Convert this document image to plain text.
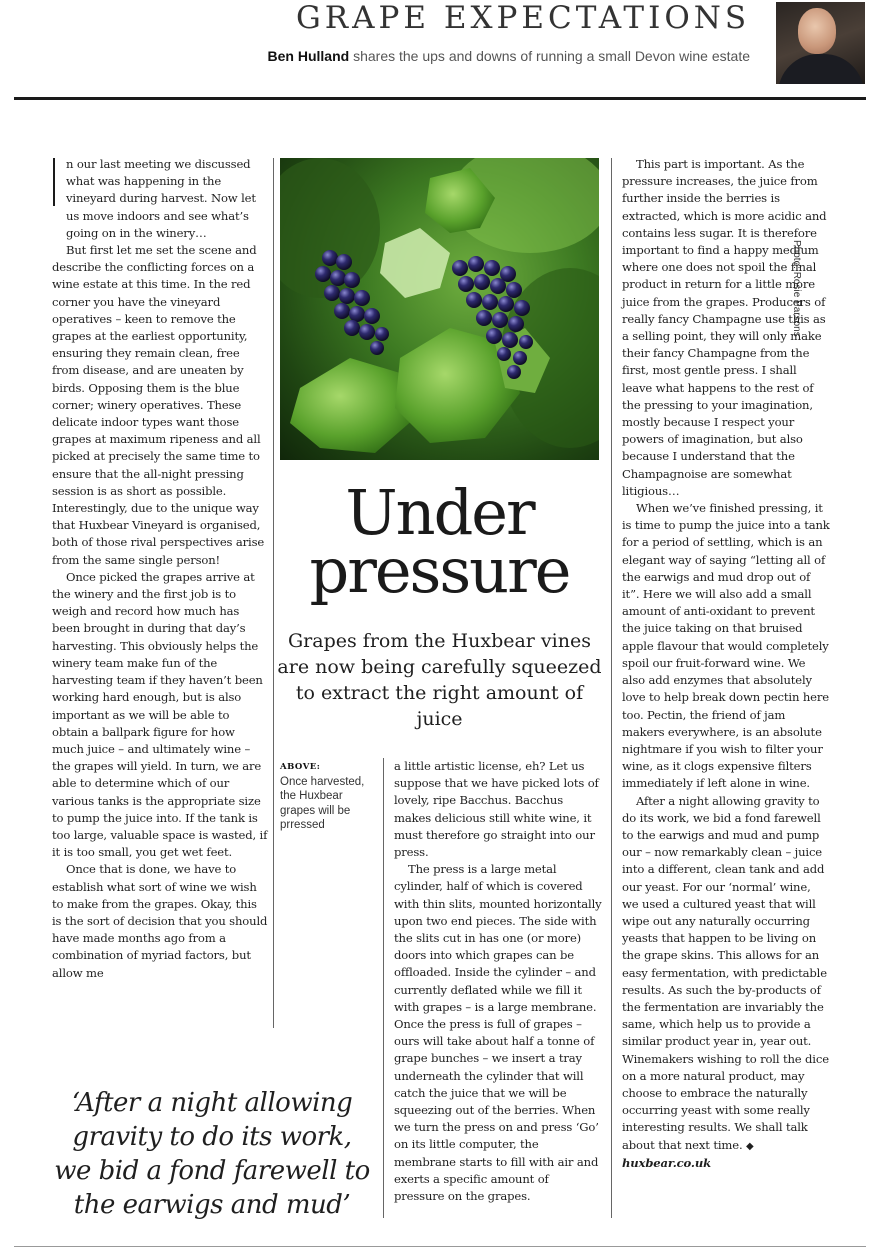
GRAPE EXPECTATIONS
Ben Hulland shares the ups and downs of running a small Devon wine estate
Photo: Rosie Parsons

n our last meeting we discussed what was happening in the vineyard during harvest. Now let us move indoors and see what’s going on in the winery…

But first let me set the scene and describe the conflicting forces on a wine estate at this time. In the red corner you have the vineyard operatives – keen to remove the grapes at the earliest opportunity, ensuring they remain clean, free from disease, and are uneaten by birds. Opposing them is the blue corner; winery operatives. These delicate indoor types want those grapes at maximum ripeness and all picked at precisely the same time to ensure that the all-night pressing session is as short as possible. Interestingly, due to the unique way that Huxbear Vineyard is organised, both of those rival perspectives arise from the same single person!

Once picked the grapes arrive at the winery and the first job is to weigh and record how much has been brought in during that day’s harvesting. This obviously helps the winery team make fun of the harvesting team if they haven’t been working hard enough, but is also important as we will be able to obtain a ballpark figure for how much juice – and ultimately wine – the grapes will yield. In turn, we are able to determine which of our various tanks is the appropriate size to pump the juice into. If the tank is too large, valuable space is wasted, if it is too small, you get wet feet.

Once that is done, we have to establish what sort of wine we wish to make from the grapes. Okay, this is the sort of decision that you should have made months ago from a combination of myriad factors, but allow me

Under
pressure
Grapes from the Huxbear vines are now being carefully squeezed to extract the right amount of juice
ABOVE:
Once harvested, the Huxbear grapes will be prressed

a little artistic license, eh? Let us suppose that we have picked lots of lovely, ripe Bacchus. Bacchus makes delicious still white wine, it must therefore go straight into our press.

The press is a large metal cylinder, half of which is covered with thin slits, mounted horizontally upon two end pieces. The side with the slits cut in has one (or more) doors into which grapes can be offloaded. Inside the cylinder – and currently deflated while we fill it with grapes – is a large membrane. Once the press is full of grapes – ours will take about half a tonne of grape bunches – we insert a tray underneath the cylinder that will catch the juice that we will be squeezing out of the berries. When we turn the press on and press ‘Go’ on its little computer, the membrane starts to fill with air and exerts a specific amount of pressure on the grapes.

This part is important. As the pressure increases, the juice from further inside the berries is extracted, which is more acidic and contains less sugar. It is therefore important to find a happy medium where one does not spoil the final product in return for a little more juice from the grapes. Producers of really fancy Champagne use this as a selling point, they will only make their fancy Champagne from the first, most gentle press. I shall leave what happens to the rest of the pressing to your imagination, mostly because I respect your powers of imagination, but also because I understand that the Champagnoise are somewhat litigious…

When we’ve finished pressing, it is time to pump the juice into a tank for a period of settling, which is an elegant way of saying “letting all of the earwigs and mud drop out of it”. Here we will also add a small amount of anti-oxidant to prevent the juice taking on that bruised apple flavour that would completely spoil our fruit-forward wine. We also add enzymes that absolutely love to help break down pectin here too. Pectin, the friend of jam makers everywhere, is an absolute nightmare if you wish to filter your wine, as it clogs expensive filters immediately if left alone in wine.

After a night allowing gravity to do its work, we bid a fond farewell to the earwigs and mud and pump our – now remarkably clean – juice into a different, clean tank and add our yeast. For our ‘normal’ wine, we used a cultured yeast that will wipe out any naturally occurring yeasts that happen to be living on the grape skins. This allows for an easy fermentation, with predictable results. As such the by-products of the fermentation are invariably the same, which help us to provide a similar product year in, year out. Winemakers wishing to roll the dice on a more natural product, may choose to embrace the naturally occurring yeast with some really interesting results. We shall talk about that next time. ◆

huxbear.co.uk

‘After a night allowing gravity to do its work, we bid a fond farewell to the earwigs and mud’
